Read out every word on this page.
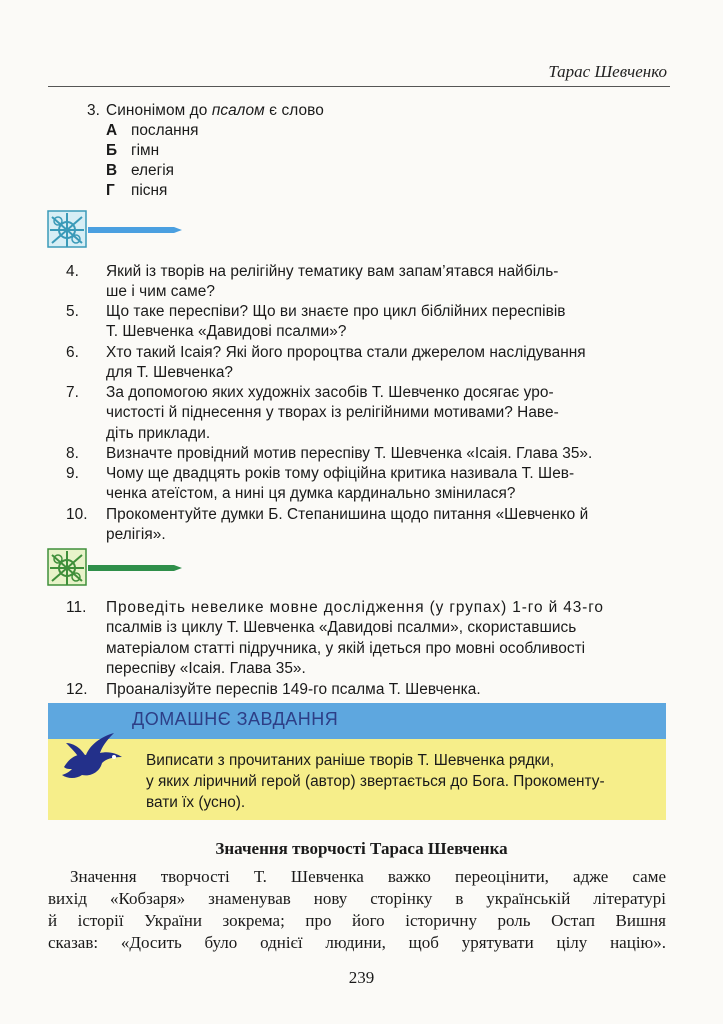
Тарас Шевченко
3. Синонімом до псалом є слово
А послання
Б гімн
В елегія
Г пісня
4.	Який із творів на релігійну тематику вам запам’ятався найбіль-
ше і чим саме?
5.	Що таке переспіви? Що ви знаєте про цикл біблійних переспівів
Т. Шевченка «Давидові псалми»?
6.	Хто такий Ісаія? Які його пророцтва стали джерелом наслідування
для Т. Шевченка?
7.	За допомогою яких художніх засобів Т. Шевченко досягає уро-
чистості й піднесення у творах із релігійними мотивами? Наве-
діть приклади.
8.	Визначте провідний мотив переспіву Т. Шевченка «Ісаія. Глава 35».
9.	Чому ще двадцять років тому офіційна критика називала Т. Шев-
ченка атеїстом, а нині ця думка кардинально змінилася?
10.	Прокоментуйте думки Б. Степанишина щодо питання «Шевченко й
релігія».
11.	Проведіть невелике мовне дослідження (у групах) 1-го й 43-го
псалмів із циклу Т. Шевченка «Давидові псалми», скориставшись
матеріалом статті підручника, у якій ідеться про мовні особливості
переспіву «Ісаія. Глава 35».
12.	Проаналізуйте переспів 149-го псалма Т. Шевченка.
ДОМАШНЄ ЗАВДАННЯ
Виписати з прочитаних раніше творів Т. Шевченка рядки,
у яких ліричний герой (автор) звертається до Бога. Прокоменту-
вати їх (усно).
Значення творчості Тараса Шевченка
Значення творчості Т. Шевченка важко переоцінити, адже саме
вихід «Кобзаря» знаменував нову сторінку в українській літературі
й історії України зокрема; про його історичну роль Остап Вишня
сказав: «Досить було однієї людини, щоб урятувати цілу націю».
239
